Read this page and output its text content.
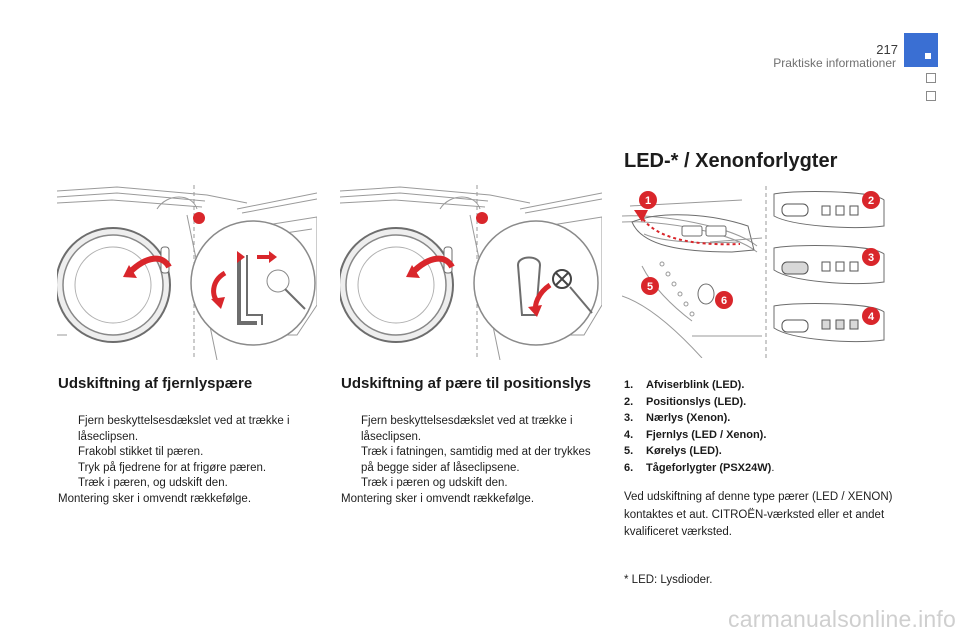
217
Praktiske informationer
LED-* / Xenonforlygter
1	2
3
4
5
6
Udskiftning af fjernlyspære
Fjern beskyttelsesdækslet ved at trække i låseclipsen.
Frakobl stikket til pæren.
Tryk på fjedrene for at frigøre pæren.
Træk i pæren, og udskift den.
Montering sker i omvendt rækkefølge.
Udskiftning af pære til positionslys
Fjern beskyttelsesdækslet ved at trække i låseclipsen.
Træk i fatningen, samtidig med at der trykkes på begge sider af låseclipsene.
Træk i pæren og udskift den.
Montering sker i omvendt rækkefølge.
1. Afviserblink (LED).
2. Positionslys (LED).
3. Nærlys (Xenon).
4. Fjernlys (LED / Xenon).
5. Kørelys (LED).
6. Tågeforlygter (PSX24W).
Ved udskiftning af denne type pærer (LED / XENON) kontaktes et aut. CITROËN-værksted eller et andet kvalificeret værksted.
* LED: Lysdioder.
carmanualsonline.info
